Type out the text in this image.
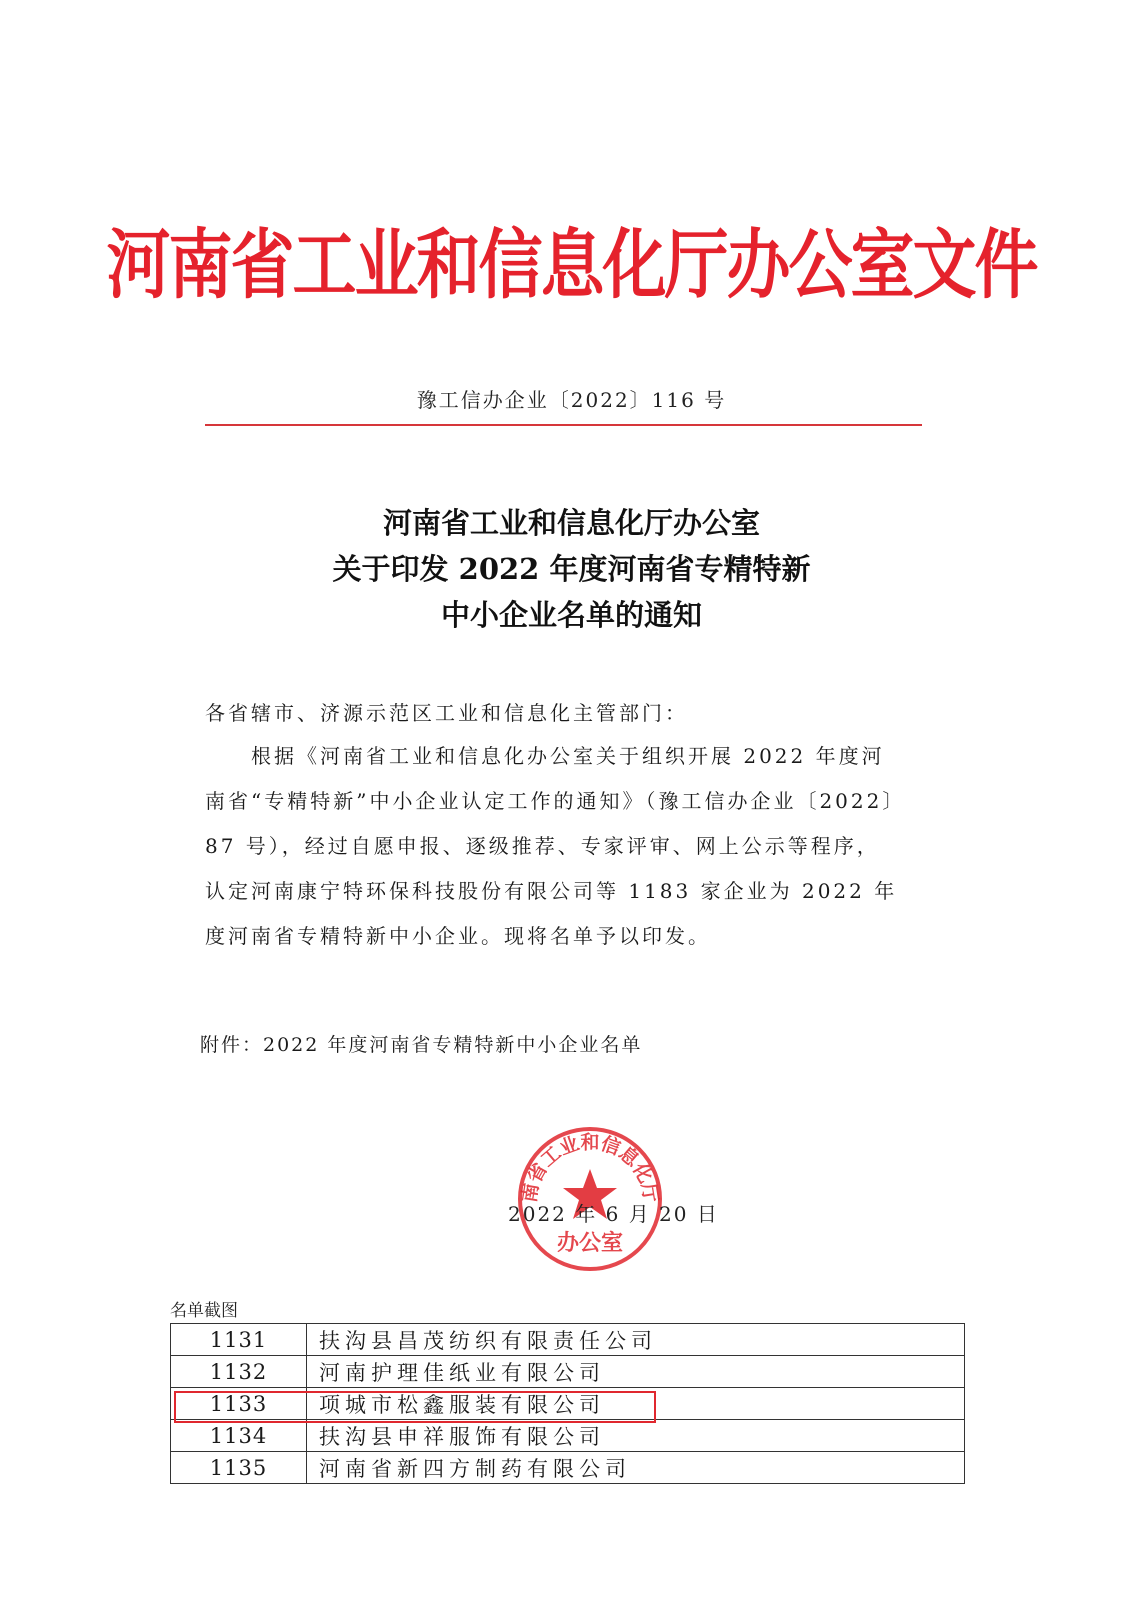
河南省工业和信息化厅办公室文件
豫工信办企业〔2022〕116 号
河南省工业和信息化厅办公室
关于印发 2022 年度河南省专精特新
中小企业名单的通知
各省辖市、济源示范区工业和信息化主管部门：
　　根据《河南省工业和信息化办公室关于组织开展 2022 年度河
南省“专精特新”中小企业认定工作的通知》（豫工信办企业〔2022〕
87 号），经过自愿申报、逐级推荐、专家评审、网上公示等程序，
认定河南康宁特环保科技股份有限公司等 1183 家企业为 2022 年
度河南省专精特新中小企业。现将名单予以印发。
附件：2022 年度河南省专精特新中小企业名单
南省工业和信息化厅
办公室
2022 年 6 月 20 日
名单截图
1131	扶沟县昌茂纺织有限责任公司
1132	河南护理佳纸业有限公司
1133	项城市松鑫服装有限公司
1134	扶沟县申祥服饰有限公司
1135	河南省新四方制药有限公司
